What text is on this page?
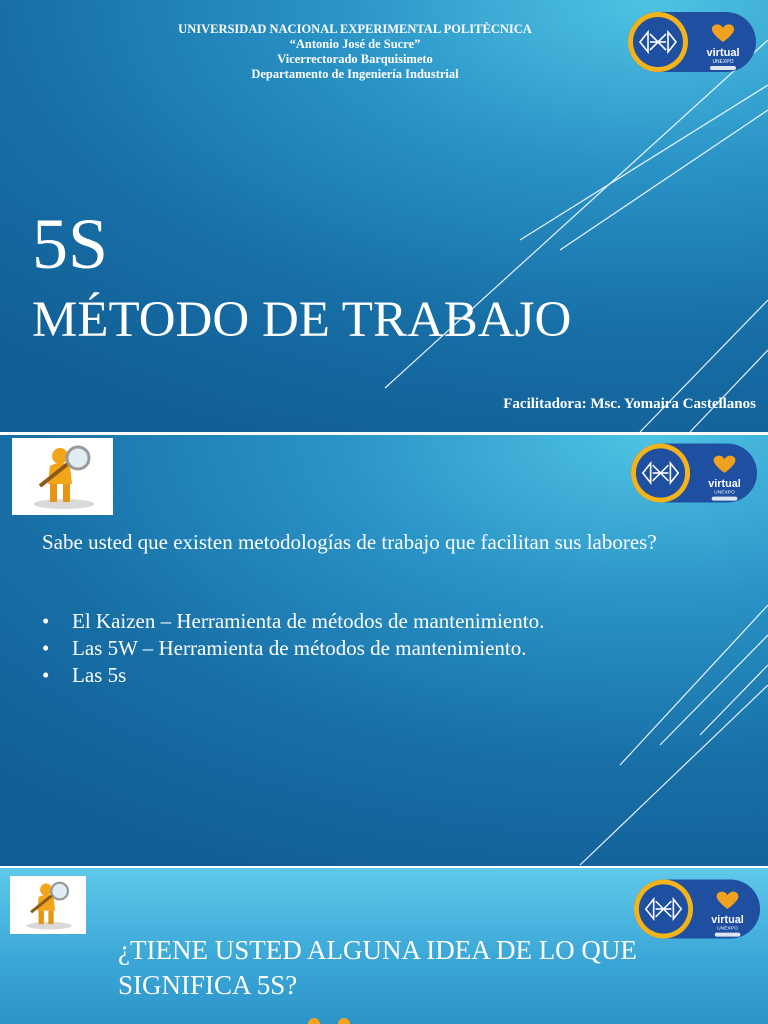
UNIVERSIDAD NACIONAL EXPERIMENTAL POLITÈCNICA
“Antonio José de Sucre”
Vicerrectorado Barquisimeto
Departamento de Ingeniería Industrial
virtual
UNEXPO
5S
MÉTODO DE TRABAJO
Facilitadora: Msc. Yomaira Castellanos
virtual
UNEXPO
Sabe usted que existen metodologías de trabajo que facilitan sus labores?
• El Kaizen – Herramienta de métodos de mantenimiento.
• Las 5W – Herramienta de métodos de mantenimiento.
• Las 5s
virtual
UNEXPO
¿TIENE USTED ALGUNA IDEA DE LO QUE SIGNIFICA 5S?
